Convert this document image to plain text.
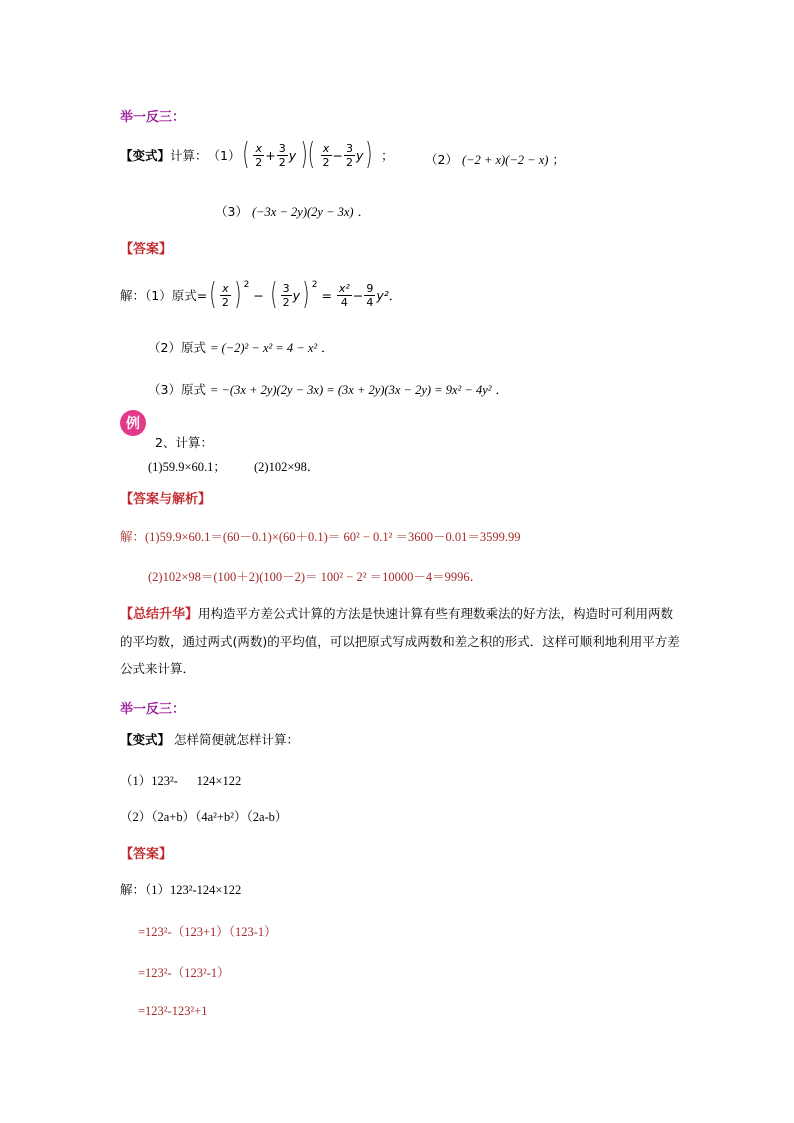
举一反三：
【变式】 计算： （1） ( $\frac{x}{2} + \frac{3}{2}$ y )( $\frac{x}{2} - \frac{3}{2}$ y ) ；	（2） (−2 + x)(−2 − x) ；
（3） (−3x − 2y)(2y − 3x) ．
【答案】
解：（1）原式 = ( $\frac{x}{2}$ ) $^2$
− ( $\frac{3}{2}$ y ) $^2$
= $\frac{\text{x²}}{4} - \frac{9}{4} y^2$ ．
（2）原式 = (−2)² − x² = 4 − x² ．
（3）原式 = −(3x + 2y)(2y − 3x) = (3x + 2y)(3x − 2y) = 9x² − 4y² ．
例
2、计算：
(1)59.9×60.1；         (2)102×98．
【答案与解析】
解：(1)59.9×60.1＝(60－0.1)×(60＋0.1)＝ 60² − 0.1² ＝3600－0.01＝3599.99
(2)102×98＝(100＋2)(100－2)＝ 100² − 2² ＝10000－4＝9996．
【总结升华】用构造平方差公式计算的方法是快速计算有些有理数乘法的好方法，构造时可利用两数的平均数，通过两式(两数)的平均值，可以把原式写成两数和差之积的形式．这样可顺利地利用平方差公式来计算．
举一反三：
【变式】 怎样简便就怎样计算：
（1）123²-      124×122
（2）（2a+b）（4a²+b²）（2a-b）
【答案】
解：（1）123²-124×122
=123²-（123+1）（123-1）
=123²-（123²-1）
=123²-123²+1
